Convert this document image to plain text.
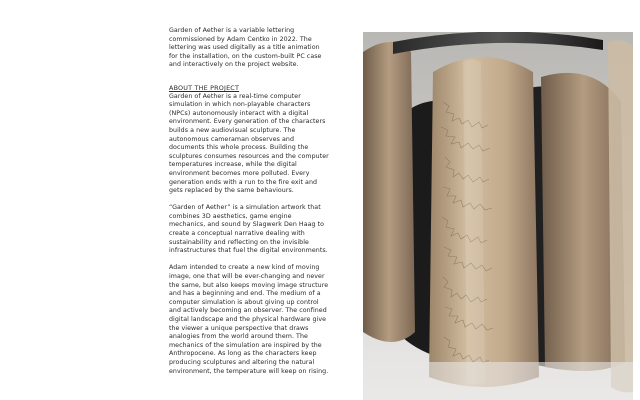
Garden of Aether is a variable lettering commissioned by Adam Centko in 2022. The lettering was used digitally as a title animation for the installation, on the custom-built PC case and interactively on the project website.

ABOUT THE PROJECT

Garden of Aether is a real-time computer simulation in which non-playable characters (NPCs) autonomously interact with a digital environment. Every generation of the characters builds a new audiovisual sculpture. The autonomous cameraman observes and documents this whole process. Building the sculptures consumes resources and the computer temperatures increase, while the digital environment becomes more polluted. Every generation ends with a run to the fire exit and gets replaced by the same behaviours.

“Garden of Aether” is a simulation artwork that combines 3D aesthetics, game engine mechanics, and sound by Slagwerk Den Haag to create a conceptual narrative dealing with sustainability and reflecting on the invisible infrastructures that fuel the digital environments.

Adam intended to create a new kind of moving image, one that will be ever-changing and never the same, but also keeps moving image structure and has a beginning and end. The medium of a computer simulation is about giving up control and actively becoming an observer. The confined digital landscape and the physical hardware give the viewer a unique perspective that draws analogies from the world around them. The mechanics of the simulation are inspired by the Anthropocene. As long as the characters keep producing sculptures and altering the natural environment, the temperature will keep on rising.
